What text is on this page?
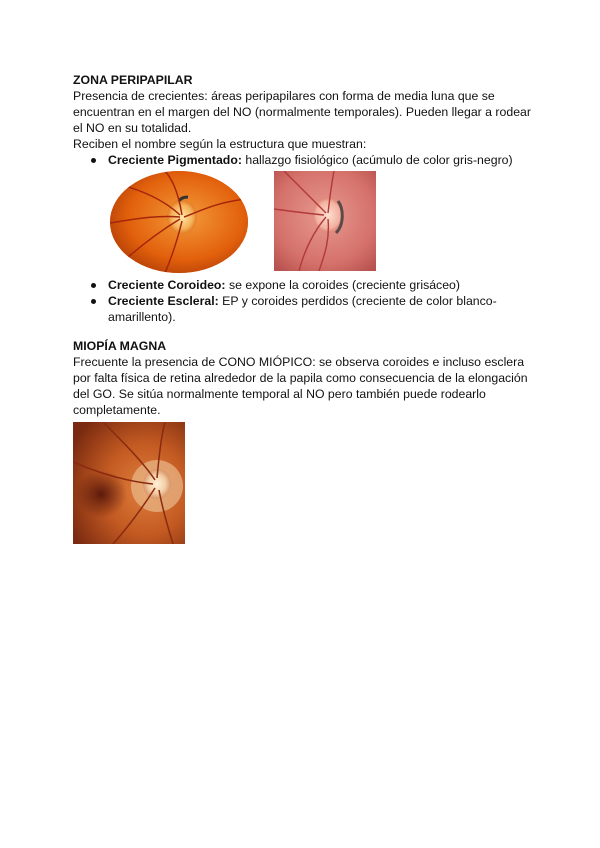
ZONA PERIPAPILAR

Presencia de crecientes: áreas peripapilares con forma de media luna que se encuentran en el margen del NO (normalmente temporales). Pueden llegar a rodear el NO en su totalidad.

Reciben el nombre según la estructura que muestran:

Creciente Pigmentado: hallazgo fisiológico (acúmulo de color gris-negro)
Creciente Coroideo: se expone la coroides (creciente grisáceo)
Creciente Escleral: EP y coroides perdidos (creciente de color blanco-amarillento).
MIOPÍA MAGNA

Frecuente la presencia de CONO MIÓPICO: se observa coroides e incluso esclera por falta física de retina alrededor de la papila como consecuencia de la elongación del GO. Se sitúa normalmente temporal al NO pero también puede rodearlo completamente.
